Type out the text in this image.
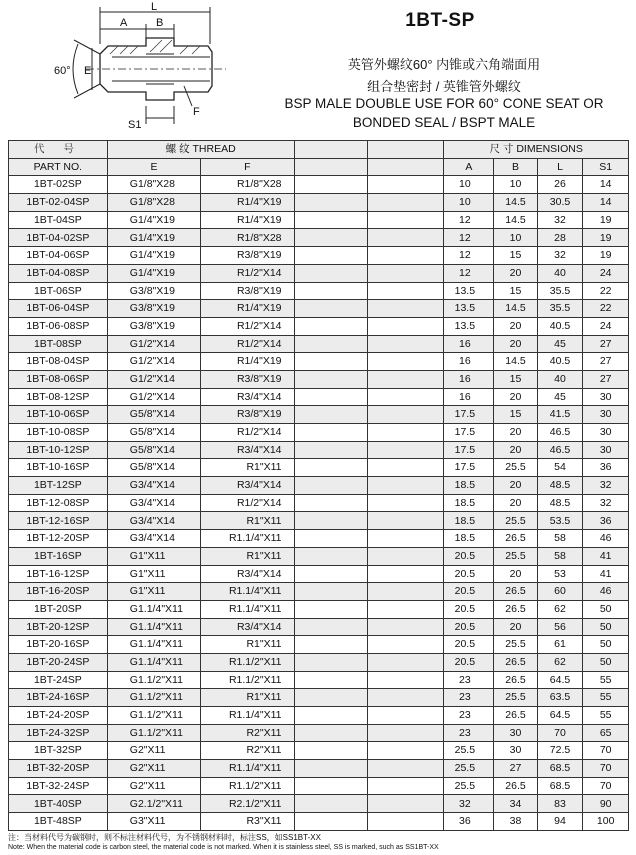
L
A	B
E
60°
F
S1
1BT-SP
英管外螺纹60° 内锥或六角端面用
组合垫密封 / 英锥管外螺纹
BSP MALE DOUBLE USE FOR 60° CONE SEAT OR
BONDED SEAL / BSPT MALE
代 号	螺 纹 THREAD				尺 寸 DIMENSIONS			
PART NO.	E	F			A	B	L	S1
1BT-02SP	G1/8"X28	R1/8"X28			10	10	26	14
1BT-02-04SP	G1/8"X28	R1/4"X19			10	14.5	30.5	14
1BT-04SP	G1/4"X19	R1/4"X19			12	14.5	32	19
1BT-04-02SP	G1/4"X19	R1/8"X28			12	10	28	19
1BT-04-06SP	G1/4"X19	R3/8"X19			12	15	32	19
1BT-04-08SP	G1/4"X19	R1/2"X14			12	20	40	24
1BT-06SP	G3/8"X19	R3/8"X19			13.5	15	35.5	22
1BT-06-04SP	G3/8"X19	R1/4"X19			13.5	14.5	35.5	22
1BT-06-08SP	G3/8"X19	R1/2"X14			13.5	20	40.5	24
1BT-08SP	G1/2"X14	R1/2"X14			16	20	45	27
1BT-08-04SP	G1/2"X14	R1/4"X19			16	14.5	40.5	27
1BT-08-06SP	G1/2"X14	R3/8"X19			16	15	40	27
1BT-08-12SP	G1/2"X14	R3/4"X14			16	20	45	30
1BT-10-06SP	G5/8"X14	R3/8"X19			17.5	15	41.5	30
1BT-10-08SP	G5/8"X14	R1/2"X14			17.5	20	46.5	30
1BT-10-12SP	G5/8"X14	R3/4"X14			17.5	20	46.5	30
1BT-10-16SP	G5/8"X14	R1"X11			17.5	25.5	54	36
1BT-12SP	G3/4"X14	R3/4"X14			18.5	20	48.5	32
1BT-12-08SP	G3/4"X14	R1/2"X14			18.5	20	48.5	32
1BT-12-16SP	G3/4"X14	R1"X11			18.5	25.5	53.5	36
1BT-12-20SP	G3/4"X14	R1.1/4"X11			18.5	26.5	58	46
1BT-16SP	G1"X11	R1"X11			20.5	25.5	58	41
1BT-16-12SP	G1"X11	R3/4"X14			20.5	20	53	41
1BT-16-20SP	G1"X11	R1.1/4"X11			20.5	26.5	60	46
1BT-20SP	G1.1/4"X11	R1.1/4"X11			20.5	26.5	62	50
1BT-20-12SP	G1.1/4"X11	R3/4"X14			20.5	20	56	50
1BT-20-16SP	G1.1/4"X11	R1"X11			20.5	25.5	61	50
1BT-20-24SP	G1.1/4"X11	R1.1/2"X11			20.5	26.5	62	50
1BT-24SP	G1.1/2"X11	R1.1/2"X11			23	26.5	64.5	55
1BT-24-16SP	G1.1/2"X11	R1"X11			23	25.5	63.5	55
1BT-24-20SP	G1.1/2"X11	R1.1/4"X11			23	26.5	64.5	55
1BT-24-32SP	G1.1/2"X11	R2"X11			23	30	70	65
1BT-32SP	G2"X11	R2"X11			25.5	30	72.5	70
1BT-32-20SP	G2"X11	R1.1/4"X11			25.5	27	68.5	70
1BT-32-24SP	G2"X11	R1.1/2"X11			25.5	26.5	68.5	70
1BT-40SP	G2.1/2"X11	R2.1/2"X11			32	34	83	90
1BT-48SP	G3"X11	R3"X11			36	38	94	100
注：当材料代号为碳钢时，则不标注材料代号，为不锈钢材料时，标注SS，如SS1BT-XX
Note: When the material code is carbon steel, the material code is not marked. When it is stainless steel, SS is marked, such as SS1BT-XX
